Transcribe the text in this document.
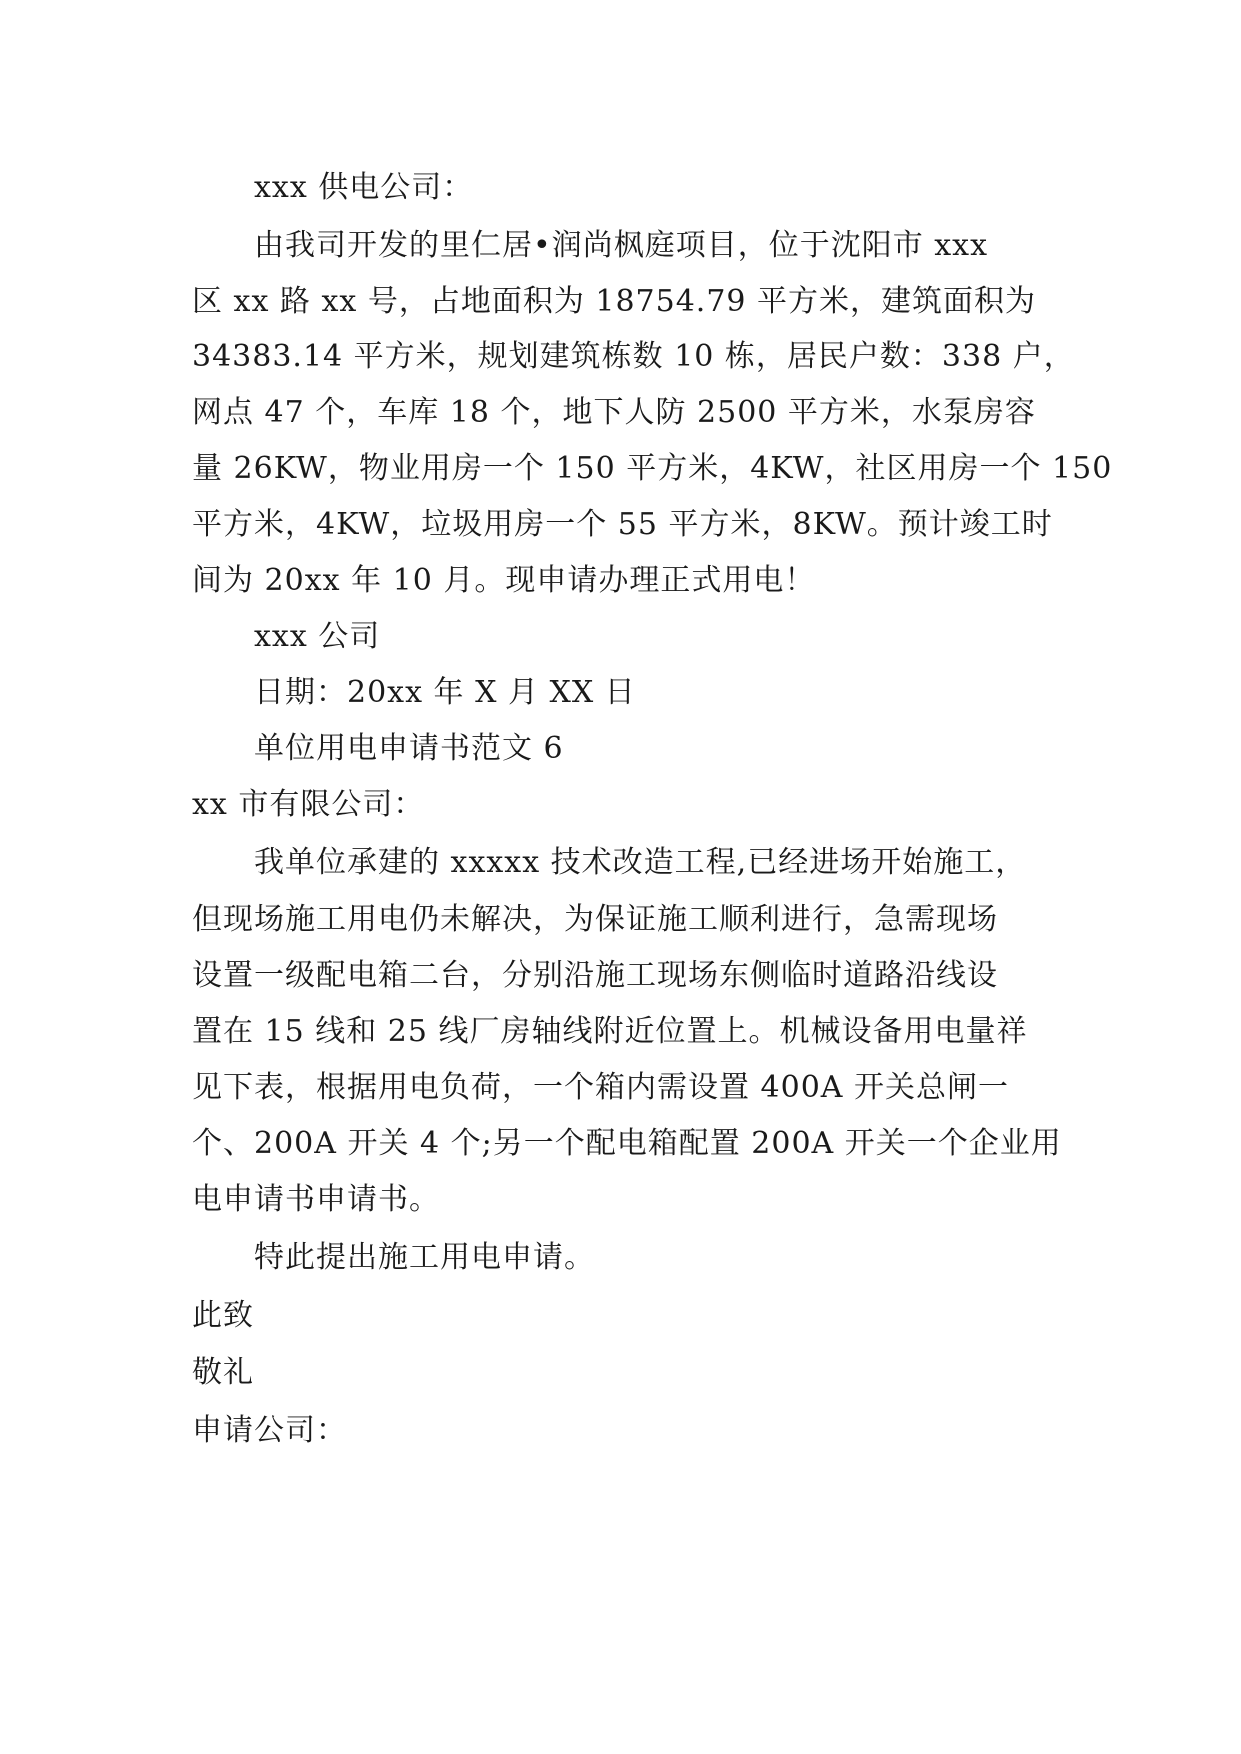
xxx 供电公司：
由我司开发的里仁居•润尚枫庭项目，位于沈阳市 xxx
区 xx 路 xx 号，占地面积为 18754.79 平方米，建筑面积为
34383.14 平方米，规划建筑栋数 10 栋，居民户数：338 户，
网点 47 个，车库 18 个，地下人防 2500 平方米，水泵房容
量 26KW，物业用房一个 150 平方米，4KW，社区用房一个 150
平方米，4KW，垃圾用房一个 55 平方米，8KW。预计竣工时
间为 20xx 年 10 月。现申请办理正式用电！
xxx 公司
日期：20xx 年 X 月 XX 日
单位用电申请书范文 6
xx 市有限公司：
我单位承建的 xxxxx 技术改造工程,已经进场开始施工，
但现场施工用电仍未解决，为保证施工顺利进行，急需现场
设置一级配电箱二台，分别沿施工现场东侧临时道路沿线设
置在 15 线和 25 线厂房轴线附近位置上。机械设备用电量祥
见下表，根据用电负荷，一个箱内需设置 400A 开关总闸一
个、200A 开关 4 个;另一个配电箱配置 200A 开关一个企业用
电申请书申请书。
特此提出施工用电申请。
此致
敬礼
申请公司：
